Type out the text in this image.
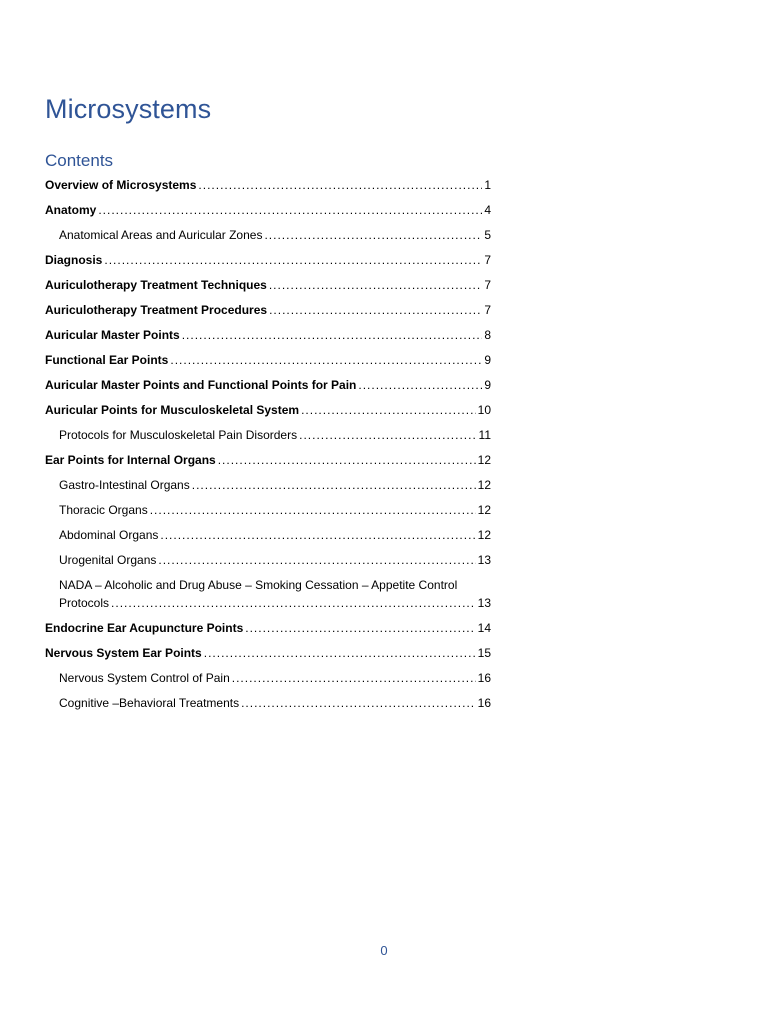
Microsystems
Contents
Overview of Microsystems .....	1
Anatomy .....	4
Anatomical Areas and Auricular Zones .....	5
Diagnosis .....	7
Auriculotherapy Treatment Techniques .....	7
Auriculotherapy Treatment Procedures .....	7
Auricular Master Points .....	8
Functional Ear Points .....	9
Auricular Master Points and Functional Points for Pain .....	9
Auricular Points for Musculoskeletal System .....	10
Protocols for Musculoskeletal Pain Disorders .....	11
Ear Points for Internal Organs .....	12
Gastro-Intestinal Organs .....	12
Thoracic Organs .....	12
Abdominal Organs .....	12
Urogenital Organs .....	13
NADA – Alcoholic and Drug Abuse – Smoking Cessation – Appetite Control
Protocols .....	13
Endocrine Ear Acupuncture Points .....	14
Nervous System Ear Points .....	15
Nervous System Control of Pain .....	16
Cognitive –Behavioral Treatments .....	16
0
